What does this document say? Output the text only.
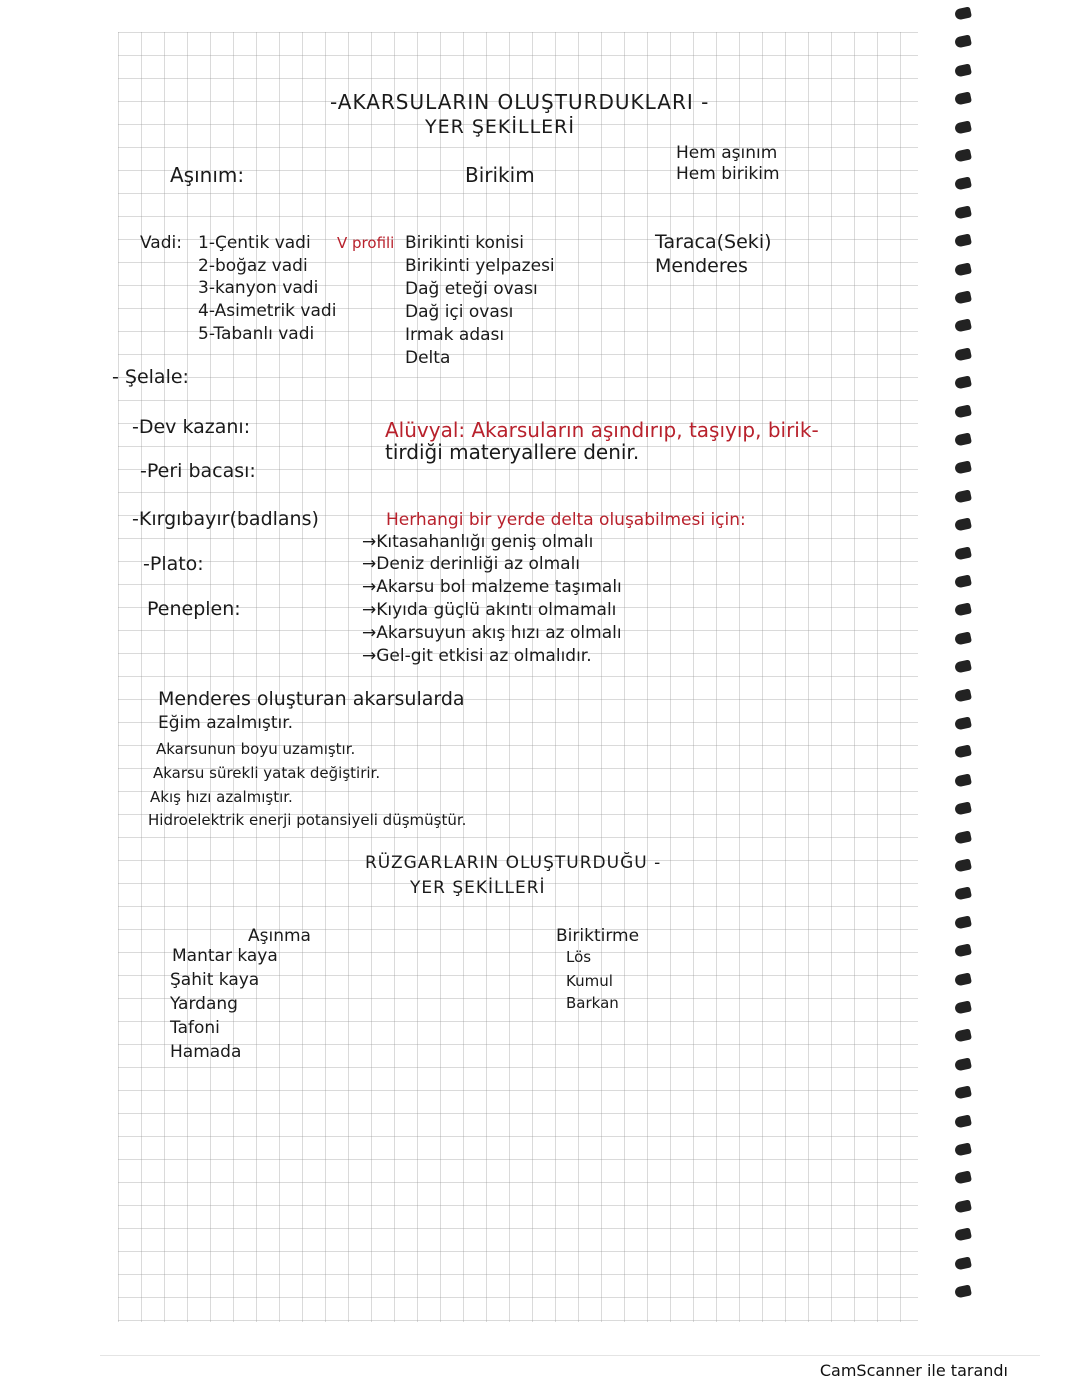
-AKARSULARIN OLUŞTURDUKLARI -
YER ŞEKİLLERİ
Aşınım:	Birikim
Hem aşınım
Hem birikim
Vadi: 1-Çentik vadi V profili
2-boğaz vadi
3-kanyon vadi
4-Asimetrik vadi
5-Tabanlı vadi
Birikinti konisi
Birikinti yelpazesi
Dağ eteği ovası
Dağ içi ovası
Irmak adası
Delta
Taraca(Seki)
Menderes
- Şelale:
-Dev kazanı:
-Peri bacası:
-Kırgıbayır(badlans)
-Plato:
Peneplen:
Alüvyal: Akarsuların aşındırıp, taşıyıp, birik-
tirdiği materyallere denir.
Herhangi bir yerde delta oluşabilmesi için:
→Kıtasahanlığı geniş olmalı
→Deniz derinliği az olmalı
→Akarsu bol malzeme taşımalı
→Kıyıda güçlü akıntı olmamalı
→Akarsuyun akış hızı az olmalı
→Gel-git etkisi az olmalıdır.
Menderes oluşturan akarsularda
Eğim azalmıştır.
Akarsunun boyu uzamıştır.
Akarsu sürekli yatak değiştirir.
Akış hızı azalmıştır.
Hidroelektrik enerji potansiyeli düşmüştür.
RÜZGARLARIN OLUŞTURDUĞU -
YER ŞEKİLLERİ
Aşınma
Mantar kaya
Şahit kaya
Yardang
Tafoni
Hamada
Biriktirme
Lös
Kumul
Barkan
CamScanner ile tarandı
